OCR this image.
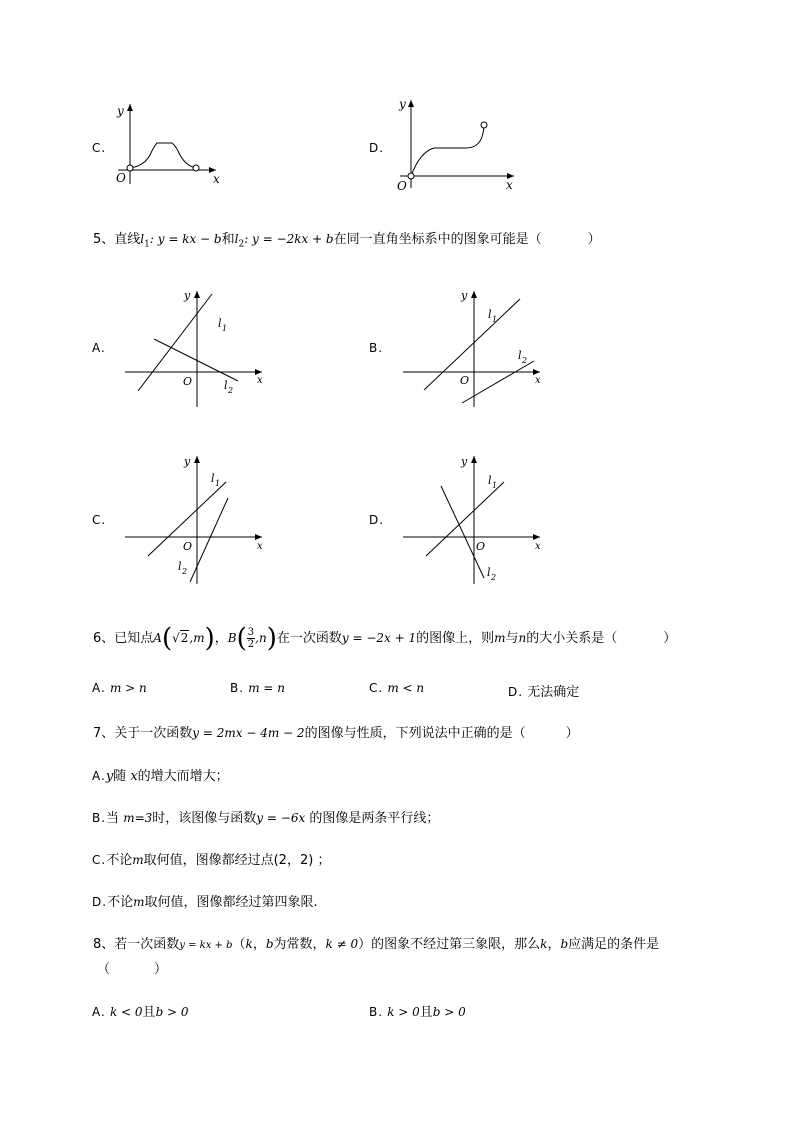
C.
y
x
O
D.
y
x
O
5、直线$l_1$: y = kx − b和$l_2$: y = −2kx + b在同一直角坐标系中的图象可能是（	）
A.
y
x
O
l 1
l 2
B.
y
x
O
l 1
l 2
C.
y
x
O
l 1
l 2
D.
y
x
O
l 1
l 2
6、已知点A(√2,m)，$B( \frac{3}{2} ,n)$在一次函数y = −2x + 1的图像上，则m与n的大小关系是（	）
A. m > n	B. m = n	C. m < n	D. 无法确定
7、关于一次函数y = 2mx − 4m − 2的图像与性质，下列说法中正确的是（	）
A.y随 x的增大而增大；
B.当 m=3时，该图像与函数y = −6x 的图像是两条平行线；
C.不论m取何值，图像都经过点(2，2) ；
D.不论m取何值，图像都经过第四象限.
8、若一次函数y = kx + b（k，b为常数，k ≠ 0）的图象不经过第三象限，那么k，b应满足的条件是
（	）
A. k < 0且b > 0	B. k > 0且b > 0
